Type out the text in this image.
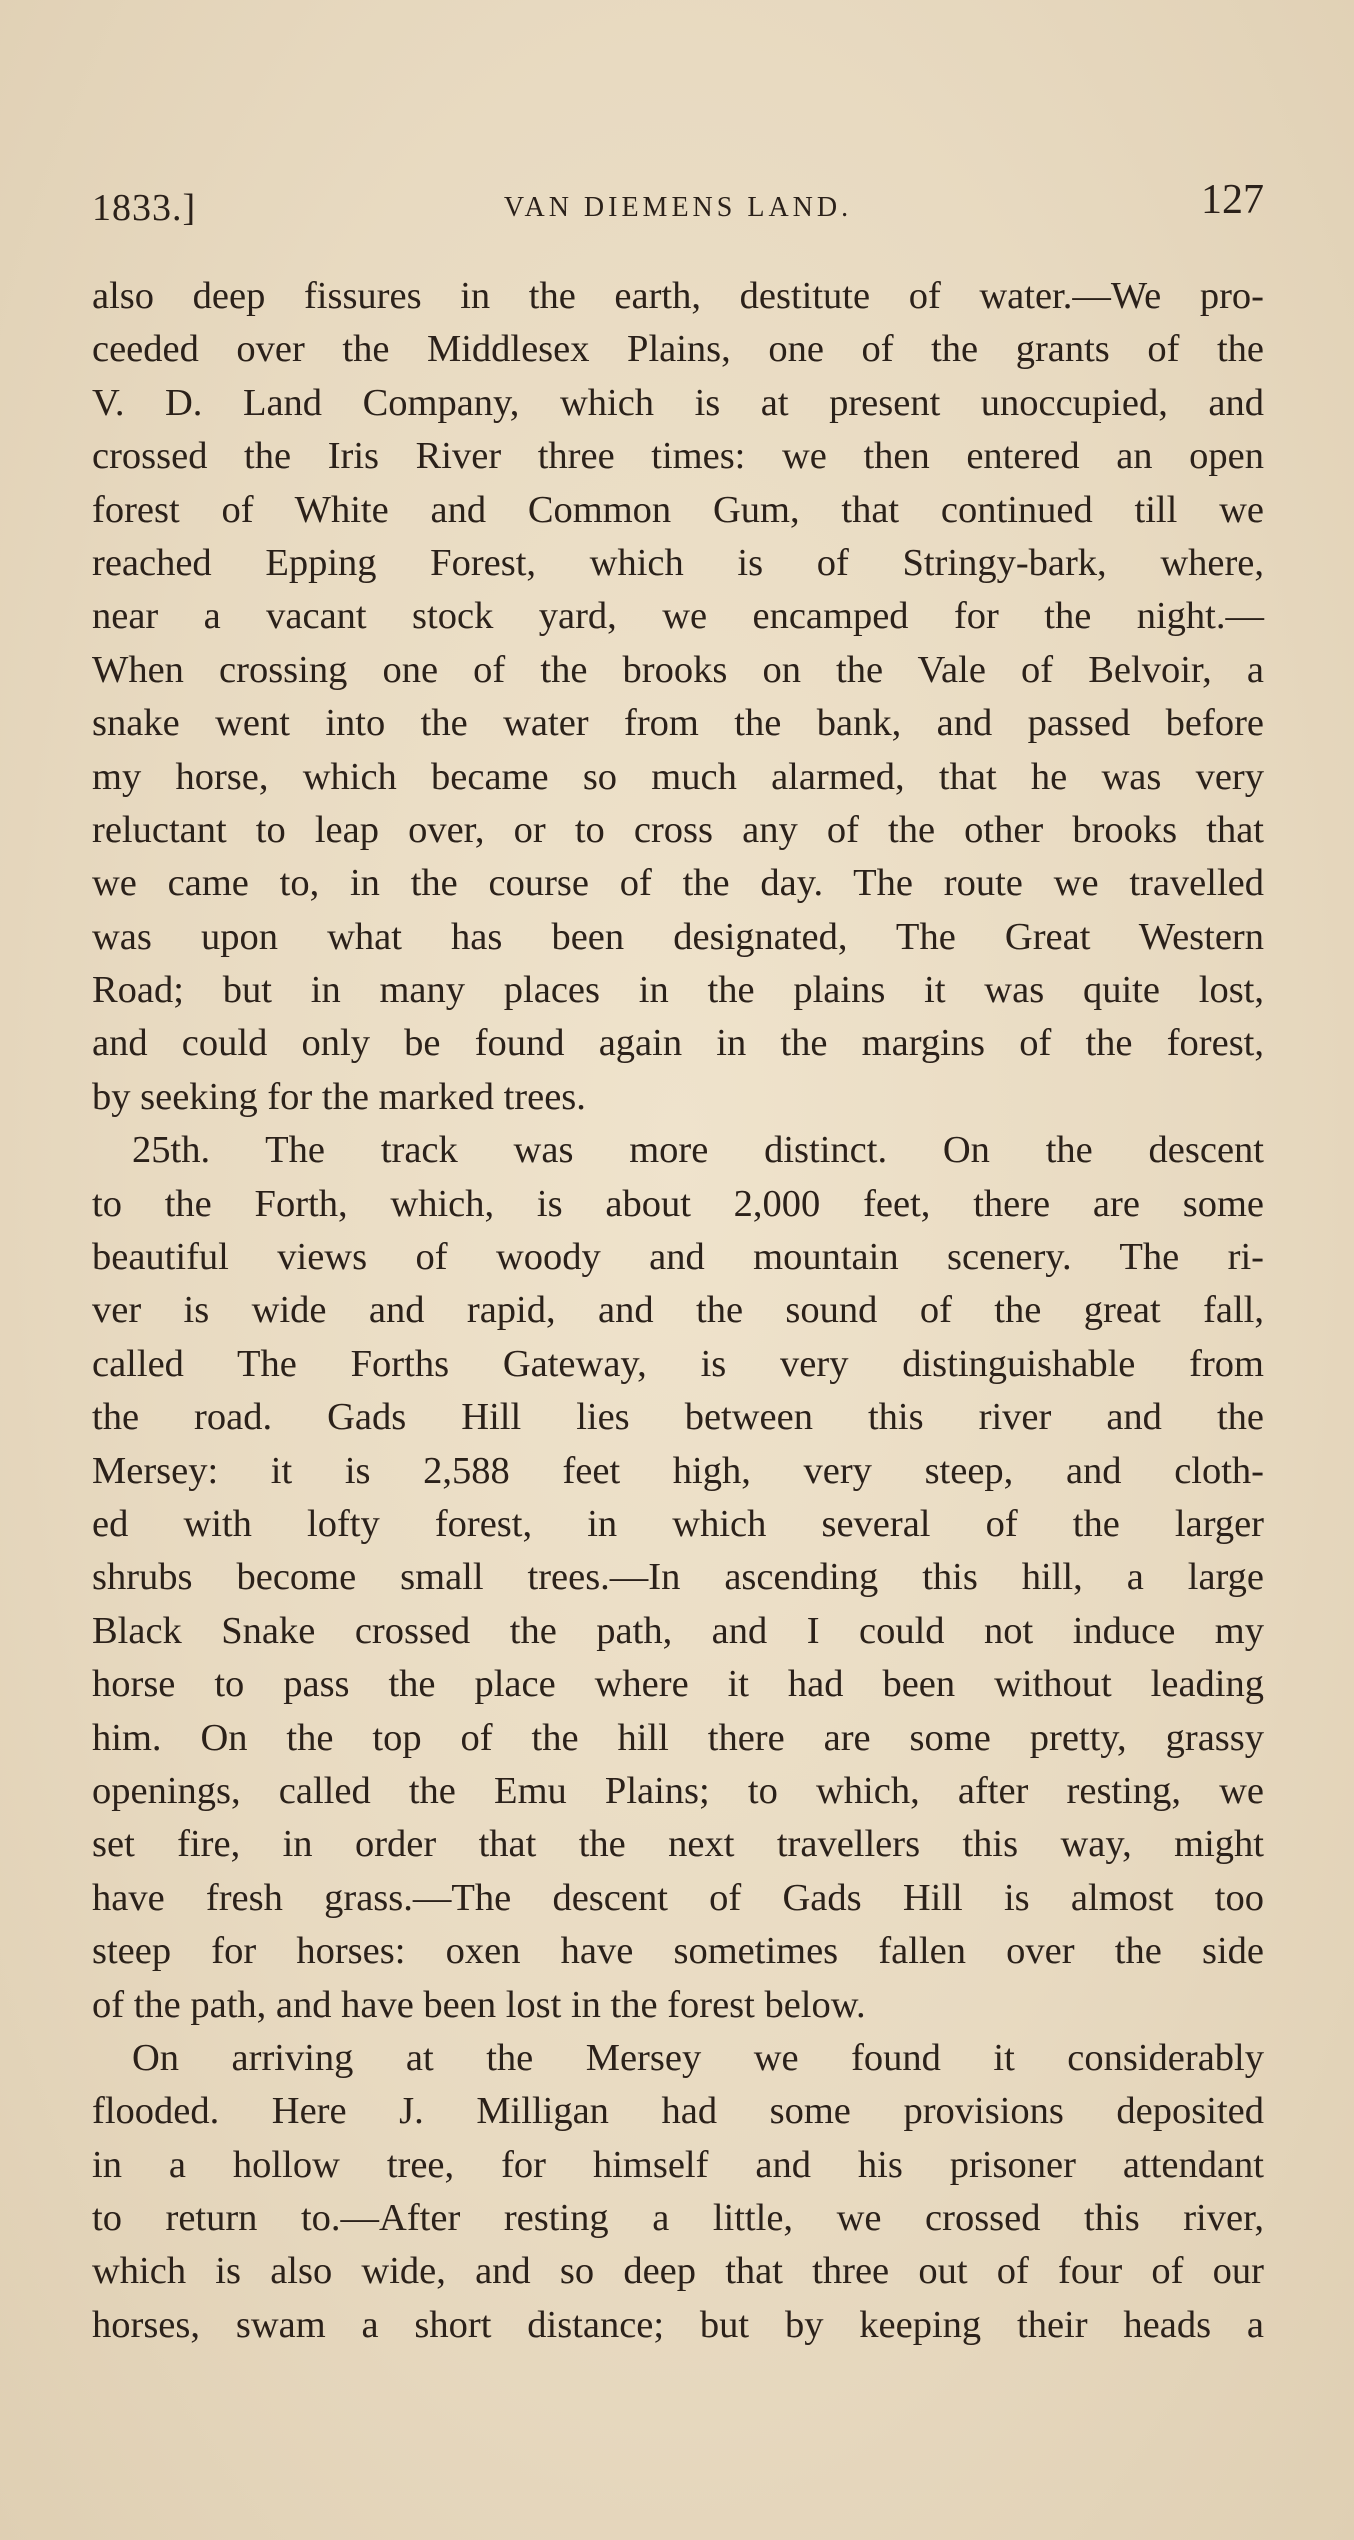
1833.]	VAN DIEMENS LAND.	127
also deep fissures in the earth, destitute of water.—We pro-
ceeded over the Middlesex Plains, one of the grants of the
V. D. Land Company, which is at present unoccupied, and
crossed the Iris River three times: we then entered an open
forest of White and Common Gum, that continued till we
reached Epping Forest, which is of Stringy-bark, where,
near a vacant stock yard, we encamped for the night.—
When crossing one of the brooks on the Vale of Belvoir, a
snake went into the water from the bank, and passed before
my horse, which became so much alarmed, that he was very
reluctant to leap over, or to cross any of the other brooks that
we came to, in the course of the day. The route we travelled
was upon what has been designated, The Great Western
Road; but in many places in the plains it was quite lost,
and could only be found again in the margins of the forest,
by seeking for the marked trees.
25th. The track was more distinct. On the descent
to the Forth, which, is about 2,000 feet, there are some
beautiful views of woody and mountain scenery. The ri-
ver is wide and rapid, and the sound of the great fall,
called The Forths Gateway, is very distinguishable from
the road. Gads Hill lies between this river and the
Mersey: it is 2,588 feet high, very steep, and cloth-
ed with lofty forest, in which several of the larger
shrubs become small trees.—In ascending this hill, a large
Black Snake crossed the path, and I could not induce my
horse to pass the place where it had been without leading
him. On the top of the hill there are some pretty, grassy
openings, called the Emu Plains; to which, after resting, we
set fire, in order that the next travellers this way, might
have fresh grass.—The descent of Gads Hill is almost too
steep for horses: oxen have sometimes fallen over the side
of the path, and have been lost in the forest below.
On arriving at the Mersey we found it considerably
flooded. Here J. Milligan had some provisions deposited
in a hollow tree, for himself and his prisoner attendant
to return to.—After resting a little, we crossed this river,
which is also wide, and so deep that three out of four of our
horses, swam a short distance; but by keeping their heads a
